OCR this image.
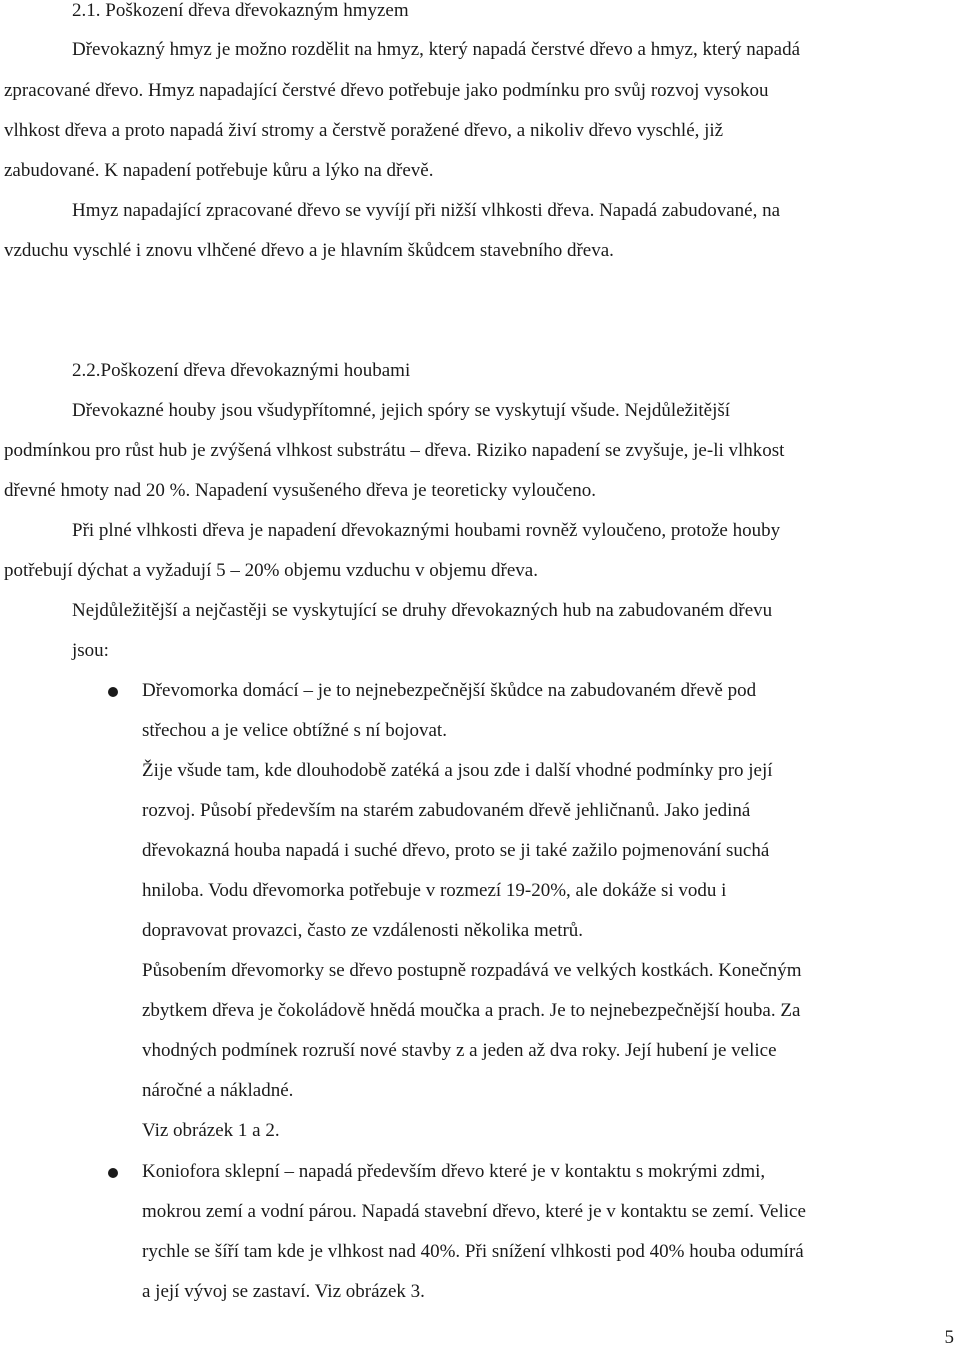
2.1. Poškození dřeva dřevokazným hmyzem
Dřevokazný hmyz je možno rozdělit na hmyz, který napadá čerstvé dřevo a hmyz, který napadá
zpracované dřevo. Hmyz napadající čerstvé dřevo potřebuje jako podmínku pro svůj rozvoj vysokou
vlhkost dřeva a proto napadá živí stromy a čerstvě poražené dřevo, a nikoliv dřevo vyschlé, již
zabudované. K napadení potřebuje kůru a lýko na dřevě.
Hmyz napadající zpracované dřevo se vyvíjí při nižší vlhkosti dřeva. Napadá zabudované, na
vzduchu vyschlé i znovu vlhčené dřevo a je hlavním škůdcem stavebního dřeva.
2.2.Poškození dřeva dřevokaznými houbami
Dřevokazné houby jsou všudypřítomné, jejich spóry se vyskytují všude. Nejdůležitější
podmínkou pro růst hub je zvýšená vlhkost substrátu – dřeva. Riziko napadení se zvyšuje, je-li vlhkost
dřevné hmoty nad 20 %. Napadení vysušeného dřeva je teoreticky vyloučeno.
Při plné vlhkosti dřeva je napadení dřevokaznými houbami rovněž vyloučeno, protože houby
potřebují dýchat a vyžadují 5 – 20% objemu vzduchu v objemu dřeva.
Nejdůležitější a nejčastěji se vyskytující se druhy dřevokazných hub na zabudovaném dřevu
jsou:
Dřevomorka domácí – je to nejnebezpečnější škůdce na zabudovaném dřevě pod
střechou a je velice obtížné s ní bojovat.
Žije všude tam, kde dlouhodobě zatéká a jsou zde i další vhodné podmínky pro její
rozvoj. Působí především na starém zabudovaném dřevě jehličnanů. Jako jediná
dřevokazná houba napadá i suché dřevo, proto se ji také zažilo pojmenování suchá
hniloba. Vodu dřevomorka potřebuje v rozmezí 19-20%, ale dokáže si vodu i
dopravovat provazci, často ze vzdálenosti několika metrů.
Působením dřevomorky se dřevo postupně rozpadává ve velkých kostkách. Konečným
zbytkem dřeva je čokoládově hnědá moučka a prach. Je to nejnebezpečnější houba. Za
vhodných podmínek rozruší nové stavby z a jeden až dva roky. Její hubení je velice
náročné a nákladné.
Viz obrázek 1 a 2.
Koniofora sklepní – napadá především dřevo které je v kontaktu s mokrými zdmi,
mokrou zemí a vodní párou. Napadá stavební dřevo, které je v kontaktu se zemí. Velice
rychle se šíří tam kde je vlhkost nad 40%. Při snížení vlhkosti pod 40% houba odumírá
a její vývoj se zastaví. Viz obrázek 3.
5
